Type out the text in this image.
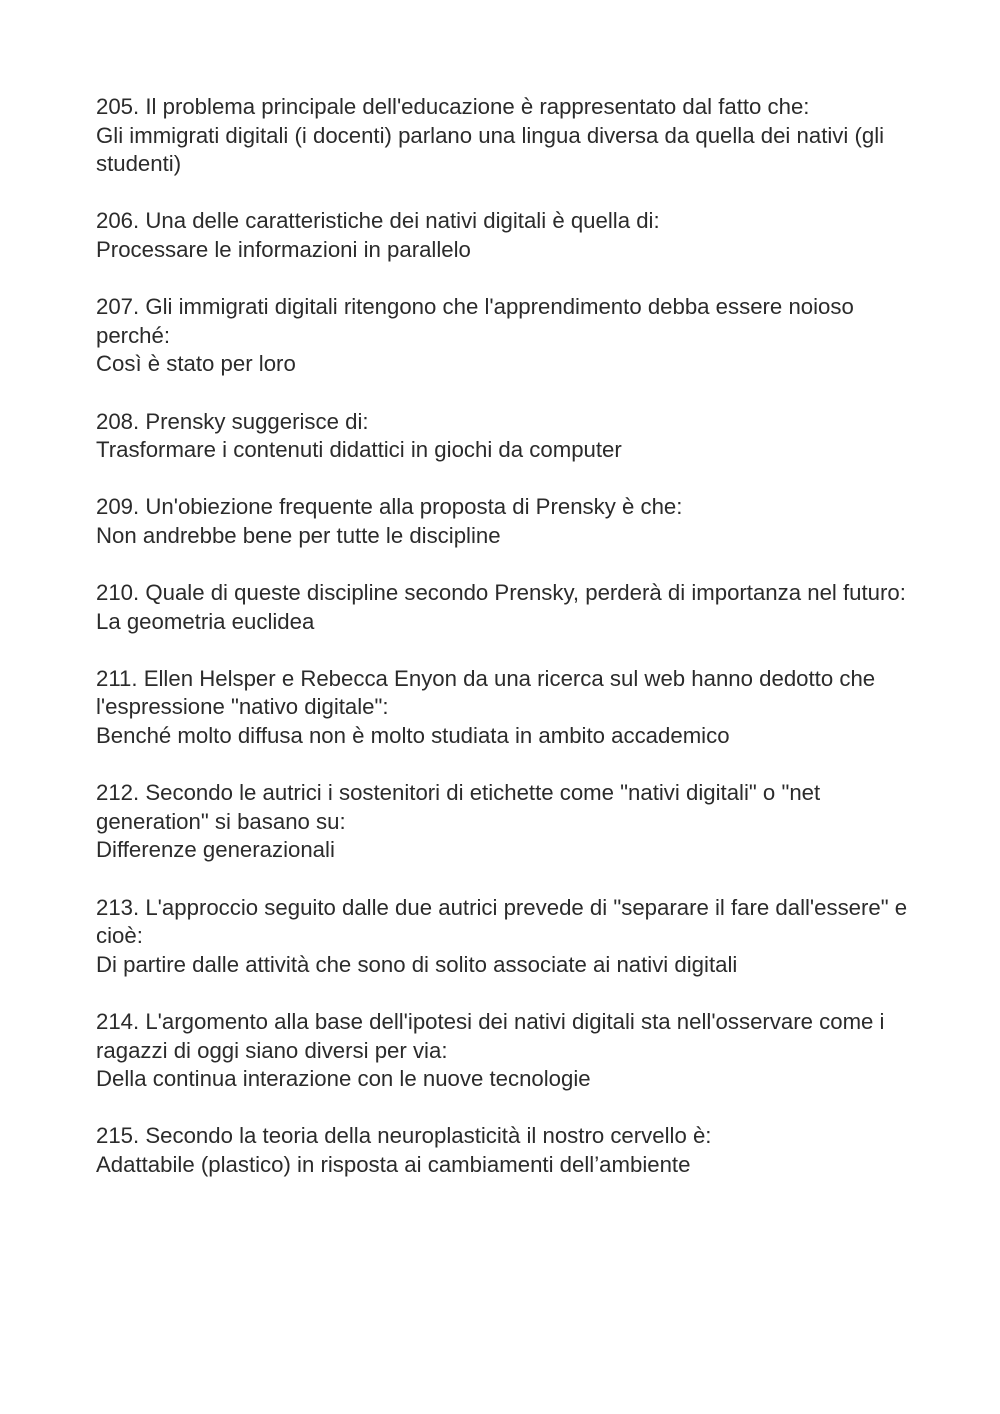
205. Il problema principale dell'educazione è rappresentato dal fatto che:

Gli immigrati digitali (i docenti) parlano una lingua diversa da quella dei nativi (gli studenti)

206. Una delle caratteristiche dei nativi digitali è quella di:

Processare le informazioni in parallelo

207. Gli immigrati digitali ritengono che l'apprendimento debba essere noioso perché:

Così è stato per loro

208. Prensky suggerisce di:

Trasformare i contenuti didattici in giochi da computer

209. Un'obiezione frequente alla proposta di Prensky è che:

Non andrebbe bene per tutte le discipline

210. Quale di queste discipline secondo Prensky, perderà di importanza nel futuro:

La geometria euclidea

211. Ellen Helsper e Rebecca Enyon da una ricerca sul web hanno dedotto che l'espressione "nativo digitale":

Benché molto diffusa non è molto studiata in ambito accademico

212. Secondo le autrici i sostenitori di etichette come "nativi digitali" o "net generation" si basano su:

Differenze generazionali

213. L'approccio seguito dalle due autrici prevede di "separare il fare dall'essere" e cioè:

Di partire dalle attività che sono di solito associate ai nativi digitali

214. L'argomento alla base dell'ipotesi dei nativi digitali sta nell'osservare come i ragazzi di oggi siano diversi per via:

Della continua interazione con le nuove tecnologie

215. Secondo la teoria della neuroplasticità il nostro cervello è:

Adattabile (plastico) in risposta ai cambiamenti dell’ambiente
